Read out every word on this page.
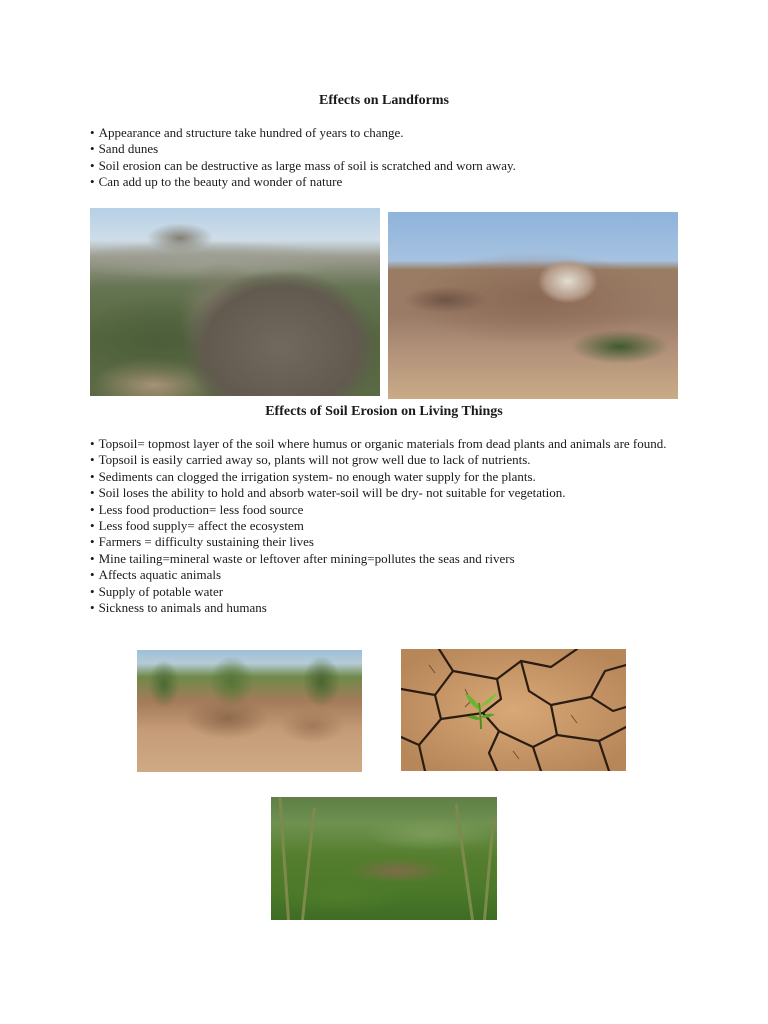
Effects on Landforms
• Appearance and structure take hundred of years to change.
• Sand dunes
• Soil erosion can be destructive as large mass of soil is scratched and worn away.
• Can add up to the beauty and wonder of nature
Effects of Soil Erosion on Living Things
• Topsoil= topmost layer of the soil where humus or organic materials from dead plants and animals are found.
• Topsoil is easily carried away so, plants will not grow well due to lack of nutrients.
• Sediments can clogged the irrigation system- no enough water supply for the plants.
• Soil loses the ability to hold and absorb water-soil will be dry- not suitable for vegetation.
• Less food production= less food source
• Less food supply= affect the ecosystem
• Farmers = difficulty sustaining their lives
• Mine tailing=mineral waste or leftover after mining=pollutes the seas and rivers
• Affects aquatic animals
• Supply of potable water
• Sickness to animals and humans
